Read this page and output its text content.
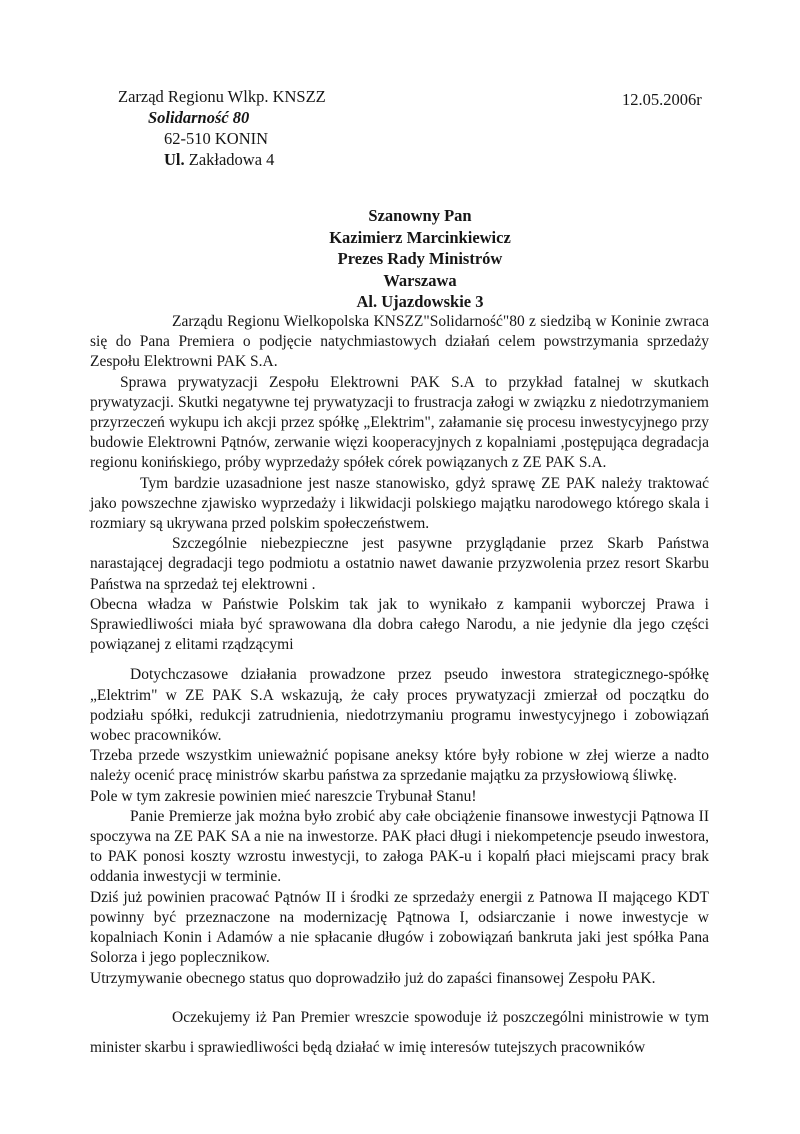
Zarząd Regionu Wlkp. KNSZZ
Solidarność 80
62-510 KONIN
Ul. Zakładowa 4
12.05.2006r
Szanowny Pan
Kazimierz Marcinkiewicz
Prezes Rady Ministrów
Warszawa
Al. Ujazdowskie 3

Zarządu Regionu Wielkopolska KNSZZ"Solidarność"80 z siedzibą w Koninie zwraca się do Pana Premiera o podjęcie natychmiastowych działań celem powstrzymania sprzedaży Zespołu Elektrowni PAK S.A.

Sprawa prywatyzacji Zespołu Elektrowni PAK S.A to przykład fatalnej w skutkach prywatyzacji. Skutki negatywne tej prywatyzacji to frustracja załogi w związku z niedotrzymaniem przyrzeczeń wykupu ich akcji przez spółkę „Elektrim", załamanie się procesu inwestycyjnego przy budowie Elektrowni Pątnów, zerwanie więzi kooperacyjnych z kopalniami ,postępująca degradacja regionu konińskiego, próby wyprzedaży spółek córek powiązanych z ZE PAK S.A.

Tym bardzie uzasadnione jest nasze stanowisko, gdyż sprawę ZE PAK należy traktować jako powszechne zjawisko wyprzedaży i likwidacji polskiego majątku narodowego którego skala i rozmiary są ukrywana przed polskim społeczeństwem.

Szczególnie niebezpieczne jest pasywne przyglądanie przez Skarb Państwa narastającej degradacji tego podmiotu a ostatnio nawet dawanie przyzwolenia przez resort Skarbu Państwa na sprzedaż tej elektrowni .

Obecna władza w Państwie Polskim tak jak to wynikało z kampanii wyborczej Prawa i Sprawiedliwości miała być sprawowana dla dobra całego Narodu, a nie jedynie dla jego części powiązanej z elitami rządzącymi

Dotychczasowe działania prowadzone przez pseudo inwestora strategicznego-spółkę „Elektrim" w ZE PAK S.A wskazują, że cały proces prywatyzacji zmierzał od początku do podziału spółki, redukcji zatrudnienia, niedotrzymaniu programu inwestycyjnego i zobowiązań wobec pracowników.

Trzeba przede wszystkim unieważnić popisane aneksy które były robione w złej wierze a nadto należy ocenić pracę ministrów skarbu państwa za sprzedanie majątku za przysłowiową śliwkę.

Pole w tym zakresie powinien mieć nareszcie Trybunał Stanu!

Panie Premierze jak można było zrobić aby całe obciążenie finansowe inwestycji Pątnowa II spoczywa na ZE PAK SA a nie na inwestorze. PAK płaci długi i niekompetencje pseudo inwestora, to PAK ponosi koszty wzrostu inwestycji, to załoga PAK-u i kopalń płaci miejscami pracy brak oddania inwestycji w terminie.

Dziś już powinien pracować Pątnów II i środki ze sprzedaży energii z Patnowa II mającego KDT powinny być przeznaczone na modernizację Pątnowa I, odsiarczanie i nowe inwestycje w kopalniach Konin i Adamów a nie spłacanie długów i zobowiązań bankruta jaki jest spółka Pana Solorza i jego poplecznikow.

Utrzymywanie obecnego status quo doprowadziło już do zapaści finansowej Zespołu PAK.

Oczekujemy iż Pan Premier wreszcie spowoduje iż poszczególni ministrowie w tym minister skarbu i sprawiedliwości będą działać w imię interesów tutejszych pracowników
